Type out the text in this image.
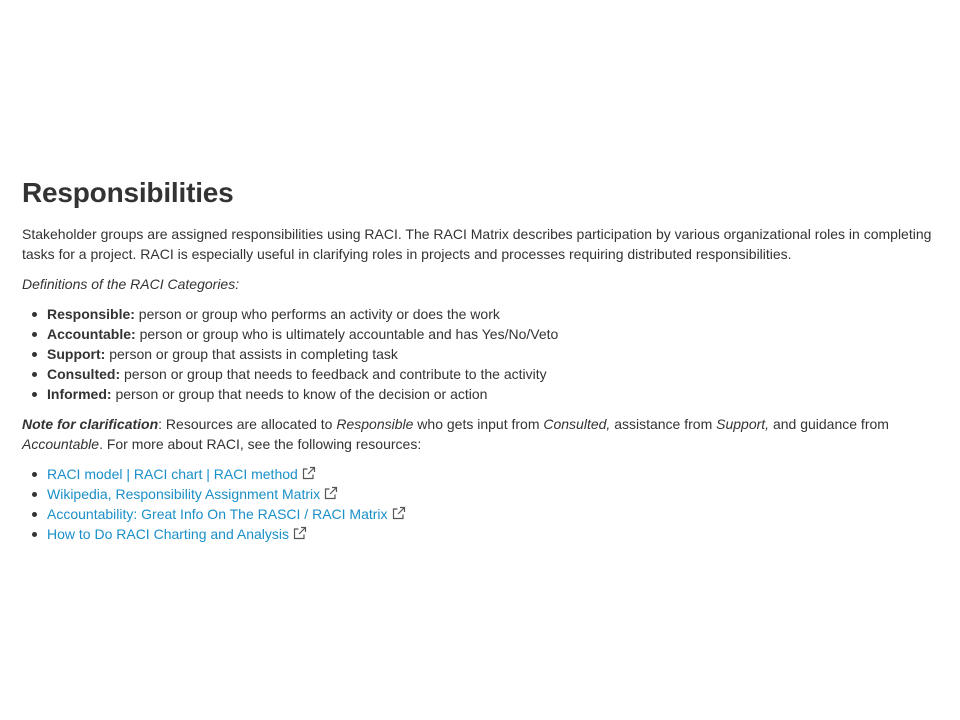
Responsibilities

Stakeholder groups are assigned responsibilities using RACI. The RACI Matrix describes participation by various organizational roles in completing tasks for a project. RACI is especially useful in clarifying roles in projects and processes requiring distributed responsibilities.

Definitions of the RACI Categories:

Responsible: person or group who performs an activity or does the work
Accountable: person or group who is ultimately accountable and has Yes/No/Veto
Support: person or group that assists in completing task
Consulted: person or group that needs to feedback and contribute to the activity
Informed: person or group that needs to know of the decision or action

Note for clarification: Resources are allocated to Responsible who gets input from Consulted, assistance from Support, and guidance from Accountable. For more about RACI, see the following resources:

RACI model | RACI chart | RACI method
Wikipedia, Responsibility Assignment Matrix
Accountability: Great Info On The RASCI / RACI Matrix
How to Do RACI Charting and Analysis
